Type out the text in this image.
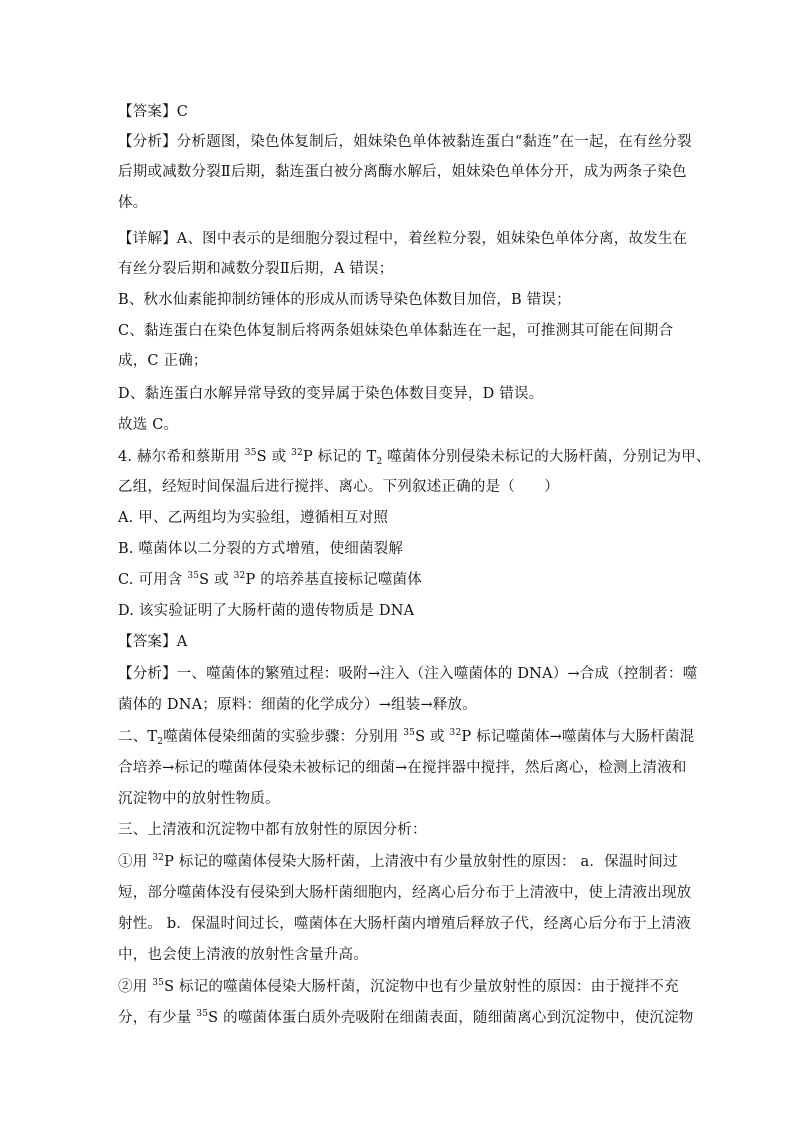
【答案】C
【分析】分析题图，染色体复制后，姐妹染色单体被黏连蛋白“黏连”在一起，在有丝分裂
后期或减数分裂Ⅱ后期，黏连蛋白被分离酶水解后，姐妹染色单体分开，成为两条子染色
体。
【详解】A、图中表示的是细胞分裂过程中，着丝粒分裂，姐妹染色单体分离，故发生在
有丝分裂后期和减数分裂Ⅱ后期，A 错误；
B、秋水仙素能抑制纺锤体的形成从而诱导染色体数目加倍，B 错误；
C、黏连蛋白在染色体复制后将两条姐妹染色单体黏连在一起，可推测其可能在间期合
成，C 正确；
D、黏连蛋白水解异常导致的变异属于染色体数目变异，D 错误。
故选 C。
4. 赫尔希和蔡斯用 $^{35}$S 或 $^{32}$P 标记的 $T_2$ 噬菌体分别侵染未标记的大肠杆菌，分别记为甲、
乙组，经短时间保温后进行搅拌、离心。下列叙述正确的是（　　）
A. 甲、乙两组均为实验组，遵循相互对照
B. 噬菌体以二分裂的方式增殖，使细菌裂解
C. 可用含 $^{35}$S 或 $^{32}$P 的培养基直接标记噬菌体
D. 该实验证明了大肠杆菌的遗传物质是 DNA
【答案】A
【分析】一、噬菌体的繁殖过程：吸附→注入（注入噬菌体的 DNA）→合成（控制者：噬
菌体的 DNA；原料：细菌的化学成分）→组装→释放。
二、$T_2$噬菌体侵染细菌的实验步骤：分别用 $^{35}$S 或 $^{32}$P 标记噬菌体→噬菌体与大肠杆菌混
合培养→标记的噬菌体侵染未被标记的细菌→在搅拌器中搅拌，然后离心，检测上清液和
沉淀物中的放射性物质。
三、上清液和沉淀物中都有放射性的原因分析：
①用 $^{32}$P 标记的噬菌体侵染大肠杆菌，上清液中有少量放射性的原因： a．保温时间过
短，部分噬菌体没有侵染到大肠杆菌细胞内，经离心后分布于上清液中，使上清液出现放
射性。 b．保温时间过长，噬菌体在大肠杆菌内增殖后释放子代，经离心后分布于上清液
中，也会使上清液的放射性含量升高。
②用 $^{35}$S 标记的噬菌体侵染大肠杆菌，沉淀物中也有少量放射性的原因：由于搅拌不充
分，有少量 $^{35}$S 的噬菌体蛋白质外壳吸附在细菌表面，随细菌离心到沉淀物中，使沉淀物
